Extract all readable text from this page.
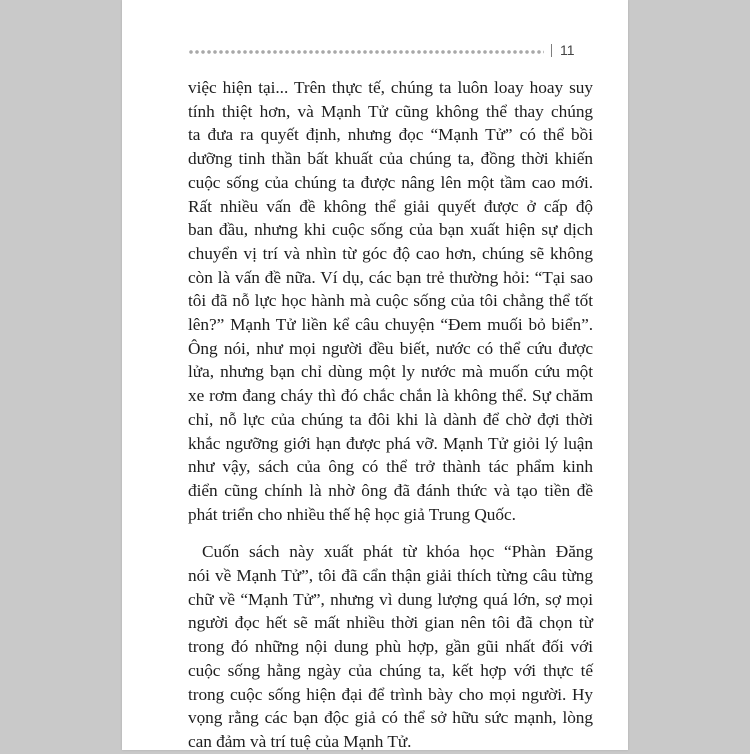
| 11
việc hiện tại... Trên thực tế, chúng ta luôn loay hoay suy
tính thiệt hơn, và Mạnh Tử cũng không thể thay chúng
ta đưa ra quyết định, nhưng đọc “Mạnh Tử” có thể bồi
dưỡng tinh thần bất khuất của chúng ta, đồng thời khiến
cuộc sống của chúng ta được nâng lên một tầm cao mới.
Rất nhiều vấn đề không thể giải quyết được ở cấp độ
ban đầu, nhưng khi cuộc sống của bạn xuất hiện sự dịch
chuyển vị trí và nhìn từ góc độ cao hơn, chúng sẽ không
còn là vấn đề nữa. Ví dụ, các bạn trẻ thường hỏi: “Tại sao
tôi đã nỗ lực học hành mà cuộc sống của tôi chẳng thể tốt
lên?” Mạnh Tử liền kể câu chuyện “Đem muối bỏ biển”.
Ông nói, như mọi người đều biết, nước có thể cứu được
lửa, nhưng bạn chỉ dùng một ly nước mà muốn cứu một
xe rơm đang cháy thì đó chắc chắn là không thể. Sự chăm
chỉ, nỗ lực của chúng ta đôi khi là dành để chờ đợi thời
khắc ngưỡng giới hạn được phá vỡ. Mạnh Tử giỏi lý luận
như vậy, sách của ông có thể trở thành tác phẩm kinh
điển cũng chính là nhờ ông đã đánh thức và tạo tiền đề
phát triển cho nhiều thế hệ học giả Trung Quốc.
Cuốn sách này xuất phát từ khóa học “Phàn Đăng
nói về Mạnh Tử”, tôi đã cẩn thận giải thích từng câu từng
chữ về “Mạnh Tử”, nhưng vì dung lượng quá lớn, sợ mọi
người đọc hết sẽ mất nhiều thời gian nên tôi đã chọn từ
trong đó những nội dung phù hợp, gần gũi nhất đối với
cuộc sống hằng ngày của chúng ta, kết hợp với thực tế
trong cuộc sống hiện đại để trình bày cho mọi người. Hy
vọng rằng các bạn độc giả có thể sở hữu sức mạnh, lòng
can đảm và trí tuệ của Mạnh Tử.
